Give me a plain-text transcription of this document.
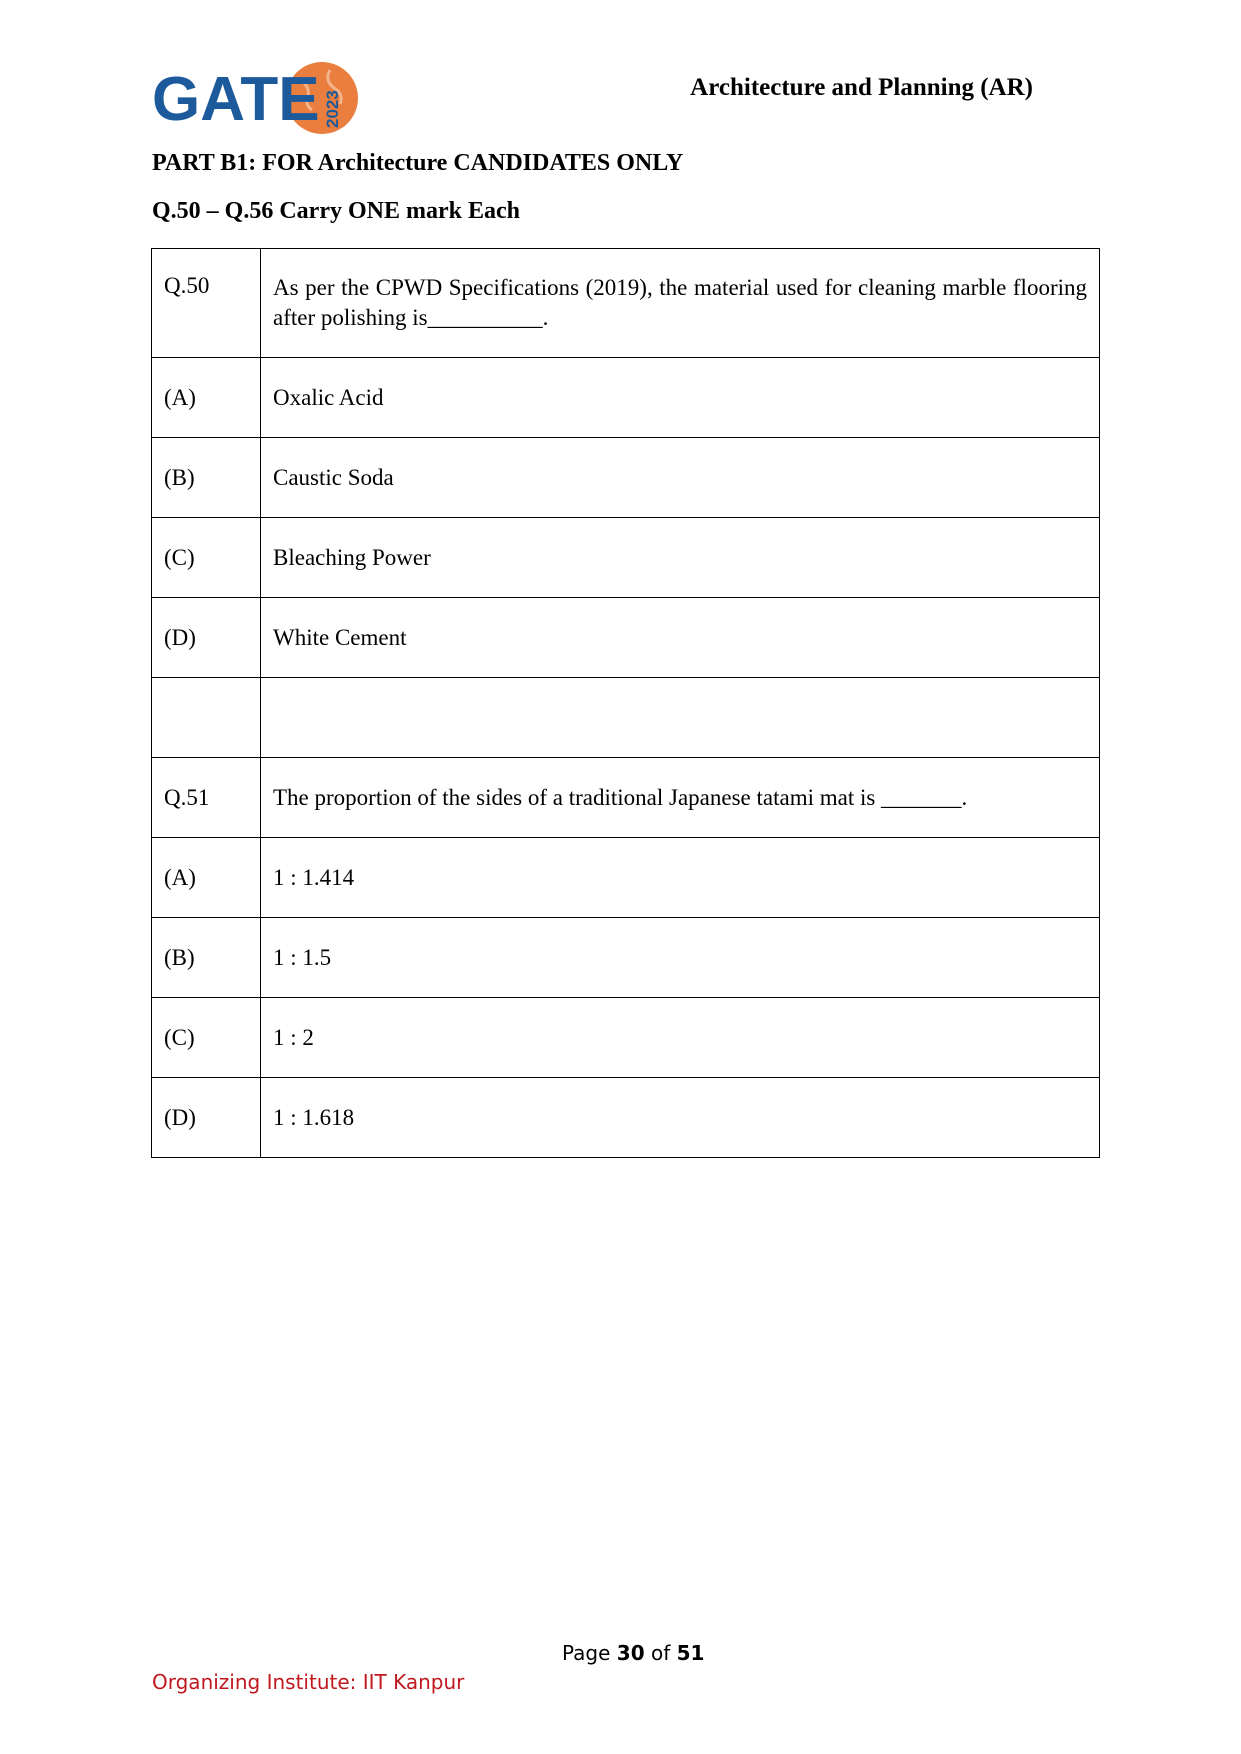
GATE 2023
Architecture and Planning (AR)
PART B1: FOR Architecture CANDIDATES ONLY
Q.50 – Q.56 Carry ONE mark Each
Q.50	As per the CPWD Specifications (2019), the material used for cleaning marble flooring after polishing is__________.

(A)	Oxalic Acid
(B)	Caustic Soda
(C)	Bleaching Power
(D)	White Cement

Q.51	The proportion of the sides of a traditional Japanese tatami mat is _______.
(A)	1 : 1.414
(B)	1 : 1.5
(C)	1 : 2
(D)	1 : 1.618
Page 30 of 51
Organizing Institute: IIT Kanpur
